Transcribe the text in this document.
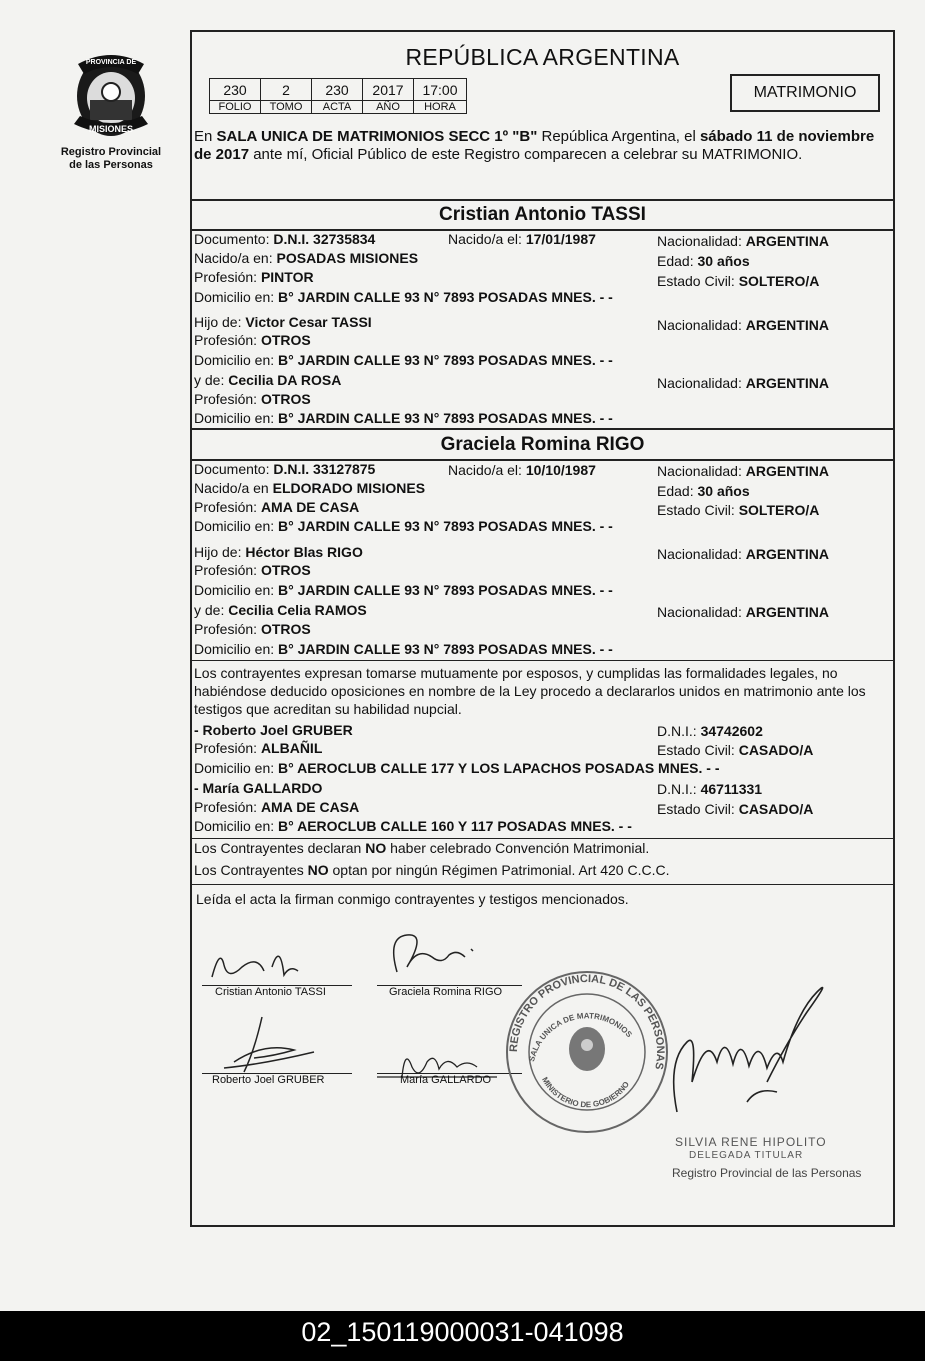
PROVINCIA DE
MISIONES
Registro Provincial
de las Personas
REPÚBLICA ARGENTINA
230	2	230	2017	17:00
FOLIO	TOMO	ACTA	AÑO	HORA
MATRIMONIO
En SALA UNICA DE MATRIMONIOS SECC 1º "B" República Argentina, el sábado 11 de noviembre de 2017 ante mí, Oficial Público de este Registro comparecen a celebrar su MATRIMONIO.
Cristian Antonio TASSI
Documento: D.N.I. 32735834	Nacido/a el: 17/01/1987	Nacionalidad: ARGENTINA
Nacido/a en: POSADAS MISIONES	Edad: 30 años
Profesión: PINTOR	Estado Civil: SOLTERO/A
Domicilio en: B° JARDIN CALLE 93 N° 7893 POSADAS MNES. - -
Hijo de: Victor Cesar TASSI	Nacionalidad: ARGENTINA
Profesión: OTROS
Domicilio en: B° JARDIN CALLE 93 N° 7893 POSADAS MNES. - -
y de: Cecilia DA ROSA	Nacionalidad: ARGENTINA
Profesión: OTROS
Domicilio en: B° JARDIN CALLE 93 N° 7893 POSADAS MNES. - -
Graciela Romina RIGO
Documento: D.N.I. 33127875	Nacido/a el: 10/10/1987	Nacionalidad: ARGENTINA
Nacido/a en ELDORADO MISIONES	Edad: 30 años
Profesión: AMA DE CASA	Estado Civil: SOLTERO/A
Domicilio en: B° JARDIN CALLE 93 N° 7893 POSADAS MNES. - -
Hijo de: Héctor Blas RIGO	Nacionalidad: ARGENTINA
Profesión: OTROS
Domicilio en: B° JARDIN CALLE 93 N° 7893 POSADAS MNES. - -
y de: Cecilia Celia RAMOS	Nacionalidad: ARGENTINA
Profesión: OTROS
Domicilio en: B° JARDIN CALLE 93 N° 7893 POSADAS MNES. - -
Los contrayentes expresan tomarse mutuamente por esposos, y cumplidas las formalidades legales, no habiéndose deducido oposiciones en nombre de la Ley procedo a declararlos unidos en matrimonio ante los testigos que acreditan su habilidad nupcial.
- Roberto Joel GRUBER	D.N.I.: 34742602
Profesión: ALBAÑIL	Estado Civil: CASADO/A
Domicilio en: B° AEROCLUB CALLE 177 Y LOS LAPACHOS POSADAS MNES. - -
- María GALLARDO	D.N.I.: 46711331
Profesión: AMA DE CASA	Estado Civil: CASADO/A
Domicilio en: B° AEROCLUB CALLE 160 Y 117 POSADAS MNES. - -
Los Contrayentes declaran NO haber celebrado Convención Matrimonial.
Los Contrayentes NO optan por ningún Régimen Patrimonial. Art 420 C.C.C.
Leída el acta la firman conmigo contrayentes y testigos mencionados.
Cristian Antonio TASSI	Graciela Romina RIGO
Roberto Joel GRUBER	María GALLARDO
REGISTRO PROVINCIAL DE LAS PERSONAS
SALA UNICA DE MATRIMONIOS
MINISTERIO DE GOBIERNO
SILVIA RENE HIPOLITO
DELEGADA TITULAR
Registro Provincial de las Personas
02_150119000031-041098
